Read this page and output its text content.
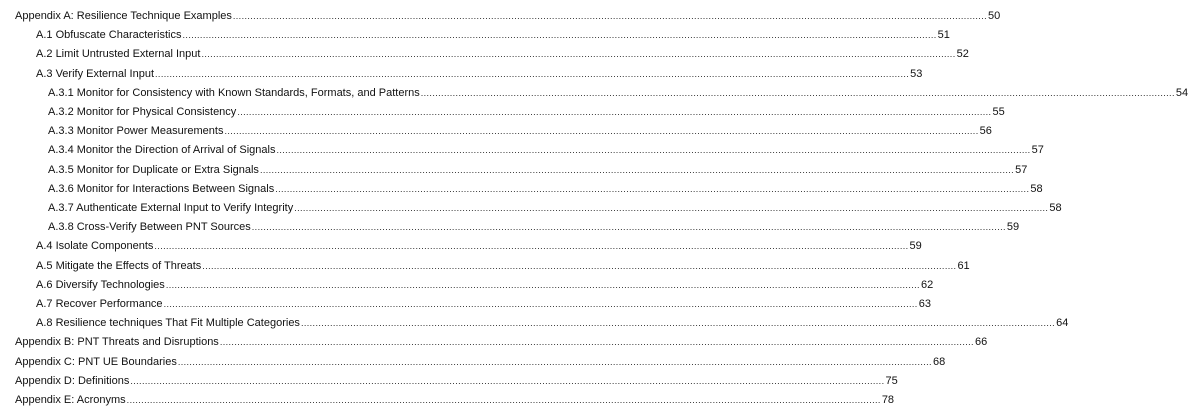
Appendix A: Resilience Technique Examples .................................................................................................................................................................................................................................................................... 50
A.1 Obfuscate Characteristics .................................................................................................................................................................................................................................................................... 51
A.2 Limit Untrusted External Input .................................................................................................................................................................................................................................................................... 52
A.3 Verify External Input .................................................................................................................................................................................................................................................................... 53
A.3.1 Monitor for Consistency with Known Standards, Formats, and Patterns .................................................................................................................................................................................................................................................................... 54
A.3.2 Monitor for Physical Consistency .................................................................................................................................................................................................................................................................... 55
A.3.3 Monitor Power Measurements .................................................................................................................................................................................................................................................................... 56
A.3.4 Monitor the Direction of Arrival of Signals .................................................................................................................................................................................................................................................................... 57
A.3.5 Monitor for Duplicate or Extra Signals .................................................................................................................................................................................................................................................................... 57
A.3.6 Monitor for Interactions Between Signals .................................................................................................................................................................................................................................................................... 58
A.3.7 Authenticate External Input to Verify Integrity .................................................................................................................................................................................................................................................................... 58
A.3.8 Cross-Verify Between PNT Sources .................................................................................................................................................................................................................................................................... 59
A.4 Isolate Components .................................................................................................................................................................................................................................................................... 59
A.5 Mitigate the Effects of Threats .................................................................................................................................................................................................................................................................... 61
A.6 Diversify Technologies .................................................................................................................................................................................................................................................................... 62
A.7 Recover Performance .................................................................................................................................................................................................................................................................... 63
A.8 Resilience techniques That Fit Multiple Categories .................................................................................................................................................................................................................................................................... 64
Appendix B: PNT Threats and Disruptions .................................................................................................................................................................................................................................................................... 66
Appendix C: PNT UE Boundaries .................................................................................................................................................................................................................................................................... 68
Appendix D: Definitions .................................................................................................................................................................................................................................................................... 75
Appendix E: Acronyms .................................................................................................................................................................................................................................................................... 78
